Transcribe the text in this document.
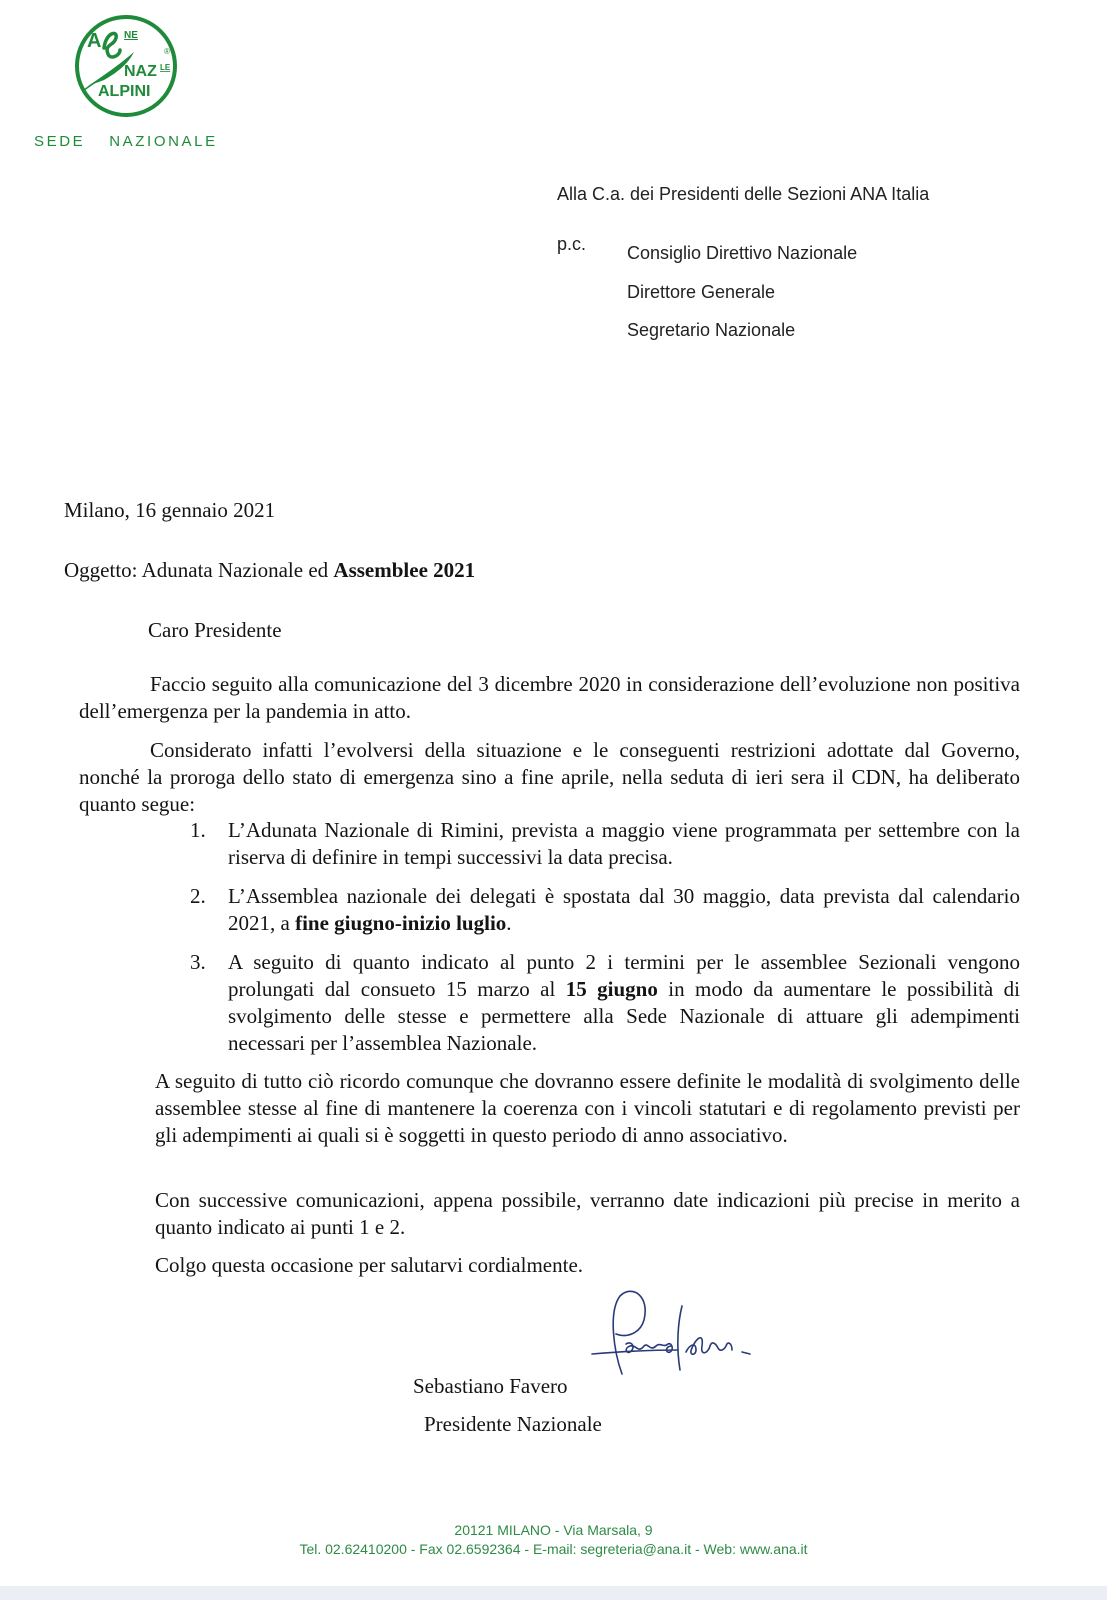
A NE
®
NAZ LE
ALPINI
SEDE NAZIONALE
Alla C.a. dei Presidenti delle Sezioni ANA Italia
p.c. Consiglio Direttivo Nazionale
Direttore Generale
Segretario Nazionale
Milano, 16 gennaio 2021
Oggetto: Adunata Nazionale ed Assemblee 2021
Caro Presidente
Faccio seguito alla comunicazione del 3 dicembre 2020 in considerazione dell’evoluzione non positiva dell’emergenza per la pandemia in atto.
Considerato infatti l’evolversi della situazione e le conseguenti restrizioni adottate dal Governo, nonché la proroga dello stato di emergenza sino a fine aprile, nella seduta di ieri sera il CDN, ha deliberato quanto segue:
1. L’Adunata Nazionale di Rimini, prevista a maggio viene programmata per settembre con la riserva di definire in tempi successivi la data precisa.
2. L’Assemblea nazionale dei delegati è spostata dal 30 maggio, data prevista dal calendario 2021, a fine giugno-inizio luglio.
3. A seguito di quanto indicato al punto 2 i termini per le assemblee Sezionali vengono prolungati dal consueto 15 marzo al 15 giugno in modo da aumentare le possibilità di svolgimento delle stesse e permettere alla Sede Nazionale di attuare gli adempimenti necessari per l’assemblea Nazionale.
A seguito di tutto ciò ricordo comunque che dovranno essere definite le modalità di svolgimento delle assemblee stesse al fine di mantenere la coerenza con i vincoli statutari e di regolamento previsti per gli adempimenti ai quali si è soggetti in questo periodo di anno associativo.
Con successive comunicazioni, appena possibile, verranno date indicazioni più precise in merito a quanto indicato ai punti 1 e 2.
Colgo questa occasione per salutarvi cordialmente.
Sebastiano Favero
Presidente Nazionale
20121 MILANO - Via Marsala, 9
Tel. 02.62410200 - Fax 02.6592364 - E-mail: segreteria@ana.it - Web: www.ana.it
